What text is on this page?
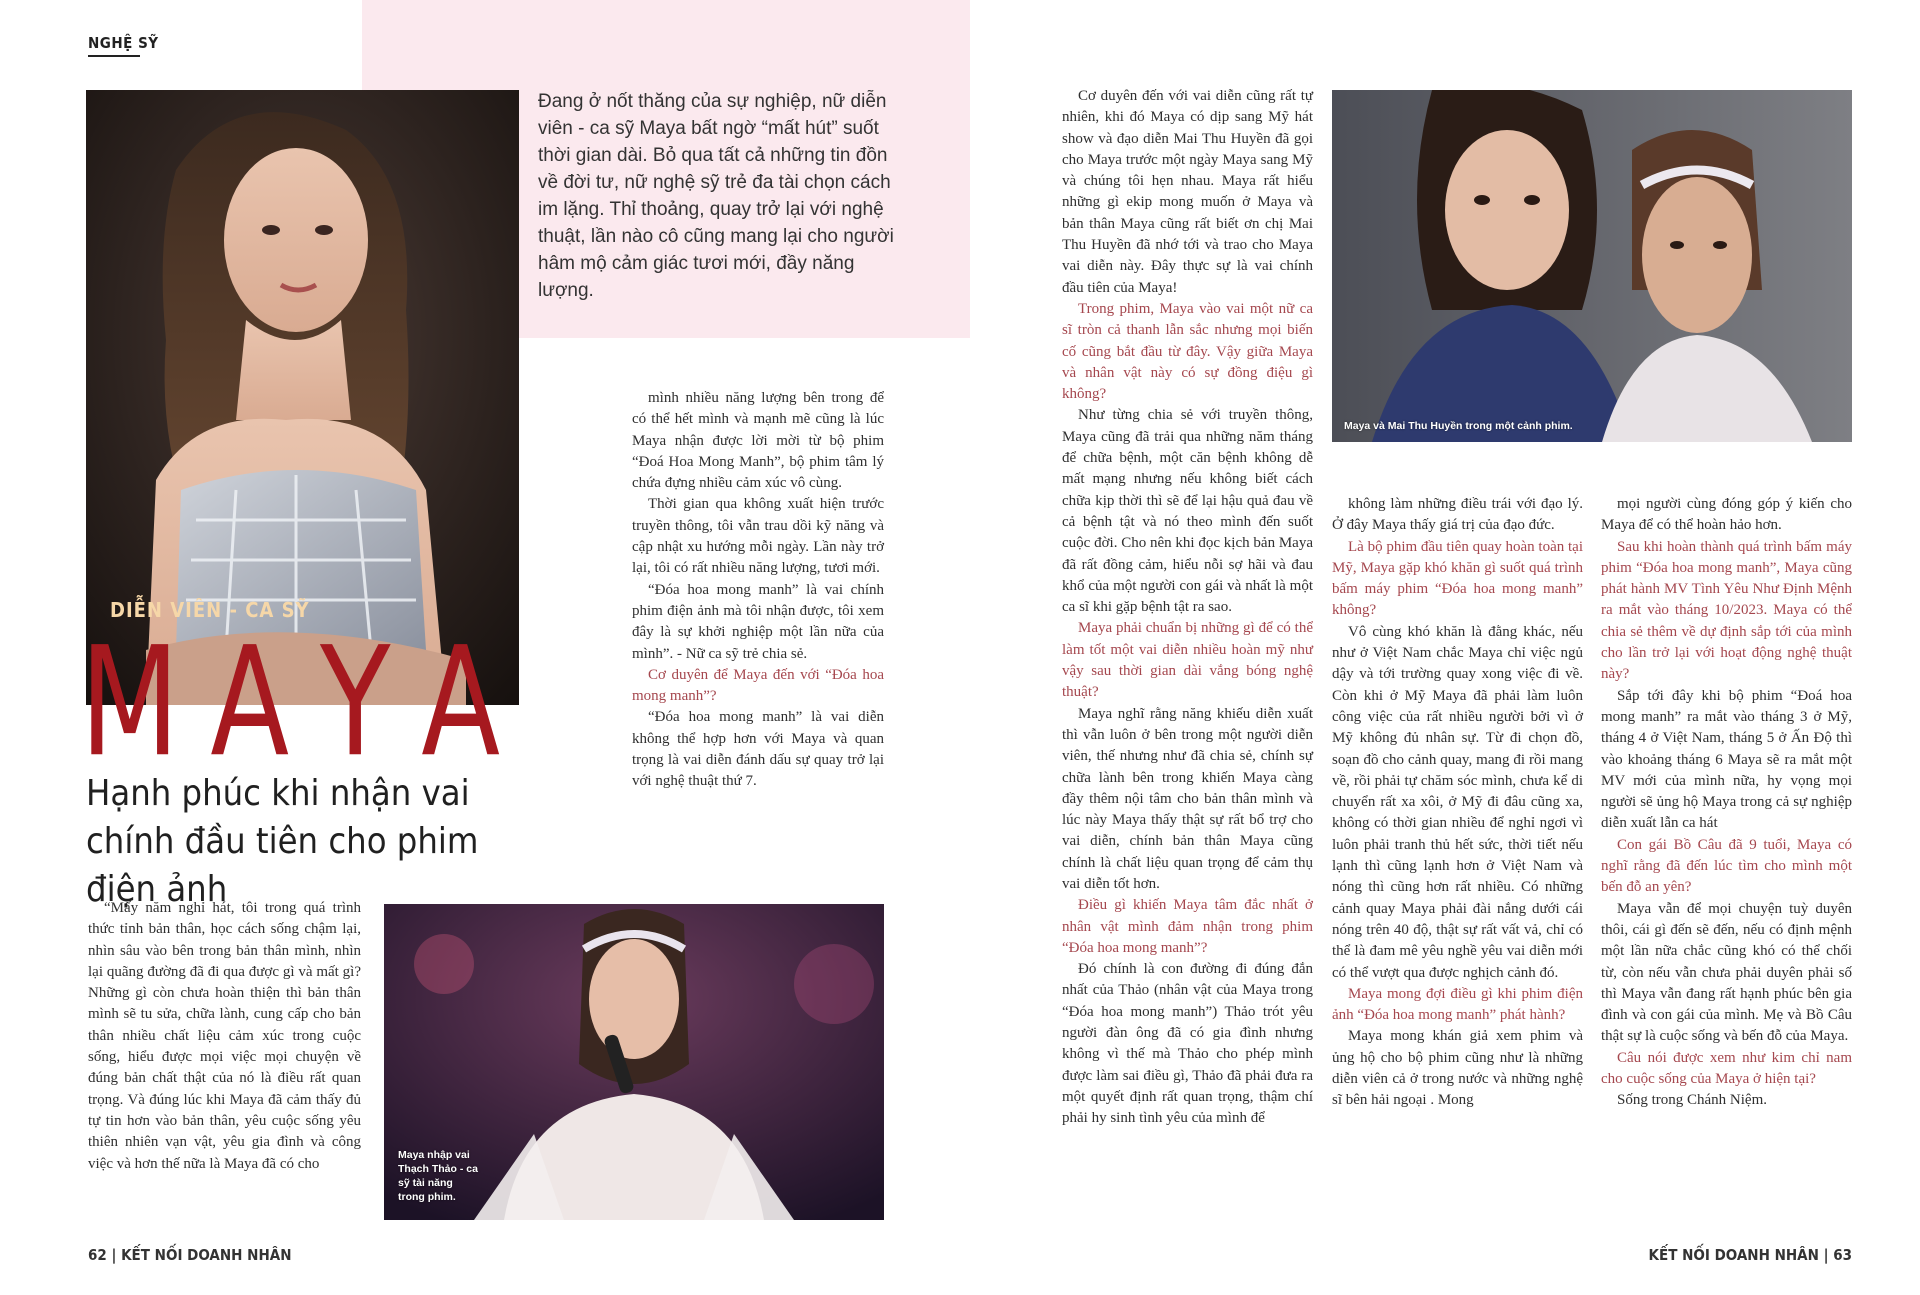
NGHỆ SỸ
DIỄN VIÊN - CA SỸ
M A Y A
Hạnh phúc khi nhận vai chính đầu tiên cho phim điện ảnh
Đang ở nốt thăng của sự nghiệp, nữ diễn viên - ca sỹ Maya bất ngờ “mất hút” suốt thời gian dài. Bỏ qua tất cả những tin đồn về đời tư, nữ nghệ sỹ trẻ đa tài chọn cách im lặng. Thỉ thoảng, quay trở lại với nghệ thuật, lần nào cô cũng mang lại cho người hâm mộ cảm giác tươi mới, đầy năng lượng.
Maya nhập vai Thạch Thảo - ca sỹ tài năng trong phim.
Maya và Mai Thu Huyền trong một cảnh phim.

“Mấy năm nghỉ hát, tôi trong quá trình thức tỉnh bản thân, học cách sống chậm lại, nhìn sâu vào bên trong bản thân mình, nhìn lại quãng đường đã đi qua được gì và mất gì? Những gì còn chưa hoàn thiện thì bản thân mình sẽ tu sửa, chữa lành, cung cấp cho bản thân nhiều chất liệu cảm xúc trong cuộc sống, hiểu được mọi việc mọi chuyện về đúng bản chất thật của nó là điều rất quan trọng. Và đúng lúc khi Maya đã cảm thấy đủ tự tin hơn vào bản thân, yêu cuộc sống yêu thiên nhiên vạn vật, yêu gia đình và công việc và hơn thế nữa là Maya đã có cho

mình nhiều năng lượng bên trong để có thể hết mình và mạnh mẽ cũng là lúc Maya nhận được lời mời từ bộ phim “Đoá Hoa Mong Manh”, bộ phim tâm lý chứa đựng nhiều cảm xúc vô cùng.

Thời gian qua không xuất hiện trước truyền thông, tôi vẫn trau dồi kỹ năng và cập nhật xu hướng mỗi ngày. Lần này trở lại, tôi có rất nhiều năng lượng, tươi mới.

“Đóa hoa mong manh” là vai chính phim điện ảnh mà tôi nhận được, tôi xem đây là sự khởi nghiệp một lần nữa của mình”. - Nữ ca sỹ trẻ chia sẻ.

Cơ duyên để Maya đến với “Đóa hoa mong manh”?

“Đóa hoa mong manh” là vai diễn không thể hợp hơn với Maya và quan trọng là vai diễn đánh dấu sự quay trở lại với nghệ thuật thứ 7.

Cơ duyên đến với vai diễn cũng rất tự nhiên, khi đó Maya có dịp sang Mỹ hát show và đạo diễn Mai Thu Huyền đã gọi cho Maya trước một ngày Maya sang Mỹ và chúng tôi hẹn nhau. Maya rất hiểu những gì ekip mong muốn ở Maya và bản thân Maya cũng rất biết ơn chị Mai Thu Huyền đã nhớ tới và trao cho Maya vai diễn này. Đây thực sự là vai chính đầu tiên của Maya!

Trong phim, Maya vào vai một nữ ca sĩ tròn cả thanh lẫn sắc nhưng mọi biến cố cũng bắt đầu từ đây. Vậy giữa Maya và nhân vật này có sự đồng điệu gì không?

Như từng chia sẻ với truyền thông, Maya cũng đã trải qua những năm tháng để chữa bệnh, một căn bệnh không dễ mất mạng nhưng nếu không biết cách chữa kịp thời thì sẽ để lại hậu quả đau về cả bệnh tật và nó theo mình đến suốt cuộc đời. Cho nên khi đọc kịch bản Maya đã rất đồng cảm, hiểu nỗi sợ hãi và đau khổ của một người con gái và nhất là một ca sĩ khi gặp bệnh tật ra sao.

Maya phải chuẩn bị những gì để có thể làm tốt một vai diễn nhiều hoàn mỹ như vậy sau thời gian dài vắng bóng nghệ thuật?

Maya nghĩ rằng năng khiếu diễn xuất thì vẫn luôn ở bên trong một người diễn viên, thế nhưng như đã chia sẻ, chính sự chữa lành bên trong khiến Maya càng đầy thêm nội tâm cho bản thân mình và lúc này Maya thấy thật sự rất bổ trợ cho vai diễn, chính bản thân Maya cũng chính là chất liệu quan trọng để cảm thụ vai diễn tốt hơn.

Điều gì khiến Maya tâm đắc nhất ở nhân vật mình đảm nhận trong phim “Đóa hoa mong manh”?

Đó chính là con đường đi đúng đắn nhất của Thảo (nhân vật của Maya trong “Đóa hoa mong manh”) Thảo trót yêu người đàn ông đã có gia đình nhưng không vì thế mà Thảo cho phép mình được làm sai điều gì, Thảo đã phải đưa ra một quyết định rất quan trọng, thậm chí phải hy sinh tình yêu của mình để

không làm những điều trái với đạo lý. Ở đây Maya thấy giá trị của đạo đức.

Là bộ phim đầu tiên quay hoàn toàn tại Mỹ, Maya gặp khó khăn gì suốt quá trình bấm máy phim “Đóa hoa mong manh” không?

Vô cùng khó khăn là đằng khác, nếu như ở Việt Nam chắc Maya chỉ việc ngủ dậy và tới trường quay xong việc đi về. Còn khi ở Mỹ Maya đã phải làm luôn công việc của rất nhiều người bởi vì ở Mỹ không đủ nhân sự. Từ đi chọn đồ, soạn đồ cho cảnh quay, mang đi rồi mang về, rồi phải tự chăm sóc mình, chưa kể di chuyển rất xa xôi, ở Mỹ đi đâu cũng xa, không có thời gian nhiều để nghỉ ngơi vì luôn phải tranh thủ hết sức, thời tiết nếu lạnh thì cũng lạnh hơn ở Việt Nam và nóng thì cũng hơn rất nhiều. Có những cảnh quay Maya phải đài nắng dưới cái nóng trên 40 độ, thật sự rất vất vả, chỉ có thể là đam mê yêu nghề yêu vai diễn mới có thể vượt qua được nghịch cảnh đó.

Maya mong đợi điều gì khi phim điện ảnh “Đóa hoa mong manh” phát hành?

Maya mong khán giả xem phim và ủng hộ cho bộ phim cũng như là những diễn viên cả ở trong nước và những nghệ sĩ bên hải ngoại . Mong

mọi người cùng đóng góp ý kiến cho Maya để có thể hoàn hảo hơn.

Sau khi hoàn thành quá trình bấm máy phim “Đóa hoa mong manh”, Maya cũng phát hành MV Tình Yêu Như Định Mệnh ra mắt vào tháng 10/2023. Maya có thể chia sẻ thêm về dự định sắp tới của mình cho lần trở lại với hoạt động nghệ thuật này?

Sắp tới đây khi bộ phim “Đoá hoa mong manh” ra mắt vào tháng 3 ở Mỹ, tháng 4 ở Việt Nam, tháng 5 ở Ấn Độ thì vào khoảng tháng 6 Maya sẽ ra mắt một MV mới của mình nữa, hy vọng mọi người sẽ ủng hộ Maya trong cả sự nghiệp diễn xuất lẫn ca hát

Con gái Bồ Câu đã 9 tuổi, Maya có nghĩ rằng đã đến lúc tìm cho mình một bến đỗ an yên?

Maya vẫn để mọi chuyện tuỳ duyên thôi, cái gì đến sẽ đến, nếu có định mệnh một lần nữa chắc cũng khó có thể chối từ, còn nếu vẫn chưa phải duyên phải số thì Maya vẫn đang rất hạnh phúc bên gia đình và con gái của mình. Mẹ và Bồ Câu thật sự là cuộc sống và bến đỗ của Maya.

Câu nói được xem như kim chỉ nam cho cuộc sống của Maya ở hiện tại?

Sống trong Chánh Niệm.

62 | KẾT NỐI DOANH NHÂN	KẾT NỐI DOANH NHÂN | 63
